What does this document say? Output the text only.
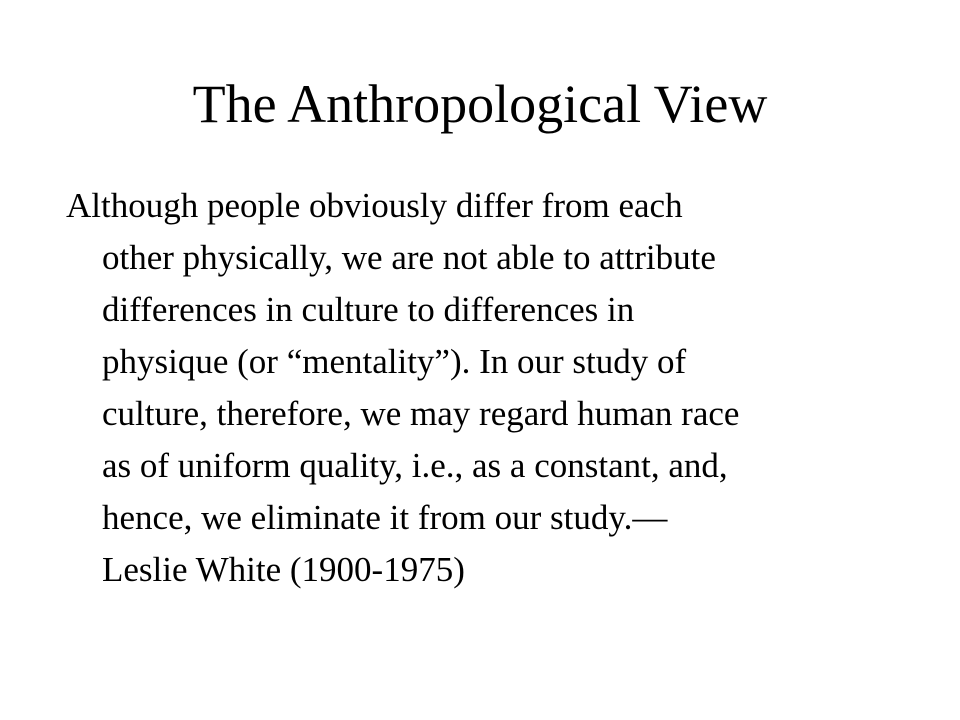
The Anthropological View
Although people obviously differ from each
other physically, we are not able to attribute
differences in culture to differences in
physique (or “mentality”). In our study of
culture, therefore, we may regard human race
as of uniform quality, i.e., as a constant, and,
hence, we eliminate it from our study.—
Leslie White (1900-1975)
